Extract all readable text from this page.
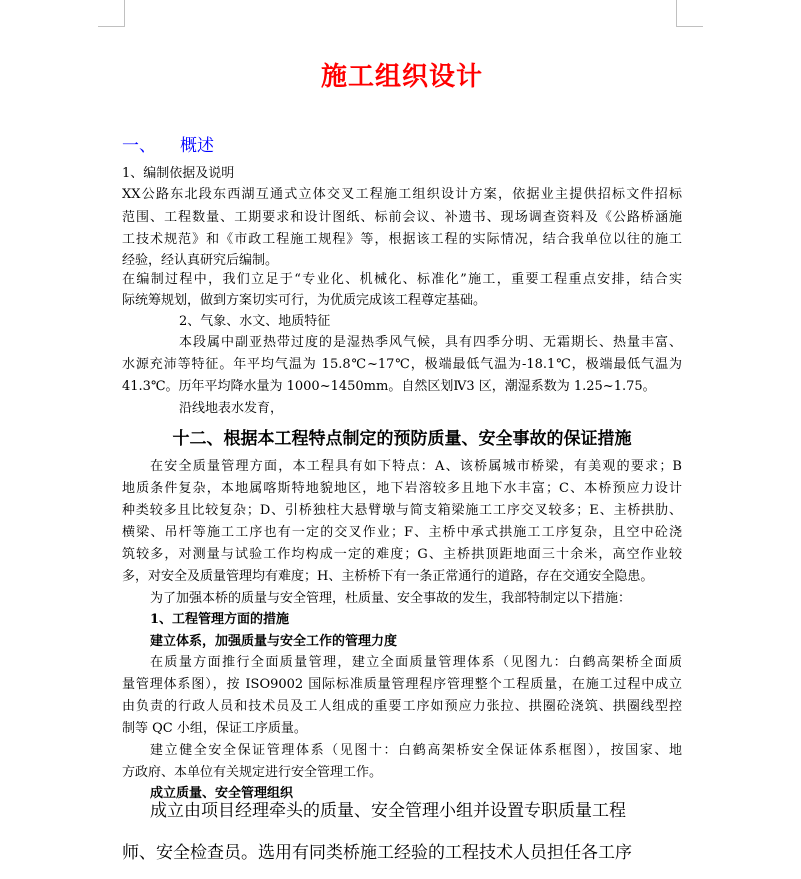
施工组织设计
一、 概述
1、编制依据及说明
XX公路东北段东西湖互通式立体交叉工程施工组织设计方案，依据业主提供招标文件招标
范围、工程数量、工期要求和设计图纸、标前会议、补遗书、现场调查资料及《公路桥涵施
工技术规范》和《市政工程施工规程》等，根据该工程的实际情况，结合我单位以往的施工
经验，经认真研究后编制。
在编制过程中，我们立足于“专业化、机械化、标准化”施工，重要工程重点安排，结合实
际统筹规划，做到方案切实可行，为优质完成该工程尊定基础。
2、气象、水文、地质特征
本段属中副亚热带过度的是湿热季风气候，具有四季分明、无霜期长、热量丰富、
水源充沛等特征。年平均气温为 15.8℃~17℃，极端最低气温为-18.1℃，极端最低气温为
41.3℃。历年平均降水量为 1000~1450mm。自然区划Ⅳ3 区，潮湿系数为 1.25~1.75。
沿线地表水发育，
十二、根据本工程特点制定的预防质量、安全事故的保证措施
在安全质量管理方面，本工程具有如下特点：A、该桥属城市桥梁，有美观的要求；B
地质条件复杂，本地属喀斯特地貌地区，地下岩溶较多且地下水丰富；C、本桥预应力设计
种类较多且比较复杂；D、引桥独柱大悬臂墩与简支箱梁施工工序交叉较多；E、主桥拱肋、
横梁、吊杆等施工工序也有一定的交叉作业；F、主桥中承式拱施工工序复杂，且空中砼浇
筑较多，对测量与试验工作均构成一定的难度；G、主桥拱顶距地面三十余米，高空作业较
多，对安全及质量管理均有难度；H、主桥桥下有一条正常通行的道路，存在交通安全隐患。
为了加强本桥的质量与安全管理，杜质量、安全事故的发生，我部特制定以下措施：
1、工程管理方面的措施
建立体系，加强质量与安全工作的管理力度
在质量方面推行全面质量管理，建立全面质量管理体系（见图九：白鹤高架桥全面质
量管理体系图），按 ISO9002 国际标准质量管理程序管理整个工程质量，在施工过程中成立
由负责的行政人员和技术员及工人组成的重要工序如预应力张拉、拱圈砼浇筑、拱圈线型控
制等 QC 小组，保证工序质量。
建立健全安全保证管理体系（见图十：白鹤高架桥安全保证体系框图），按国家、地
方政府、本单位有关规定进行安全管理工作。
成立质量、安全管理组织
成立由项目经理牵头的质量、安全管理小组并设置专职质量工程
师、安全检查员。选用有同类桥施工经验的工程技术人员担任各工序
